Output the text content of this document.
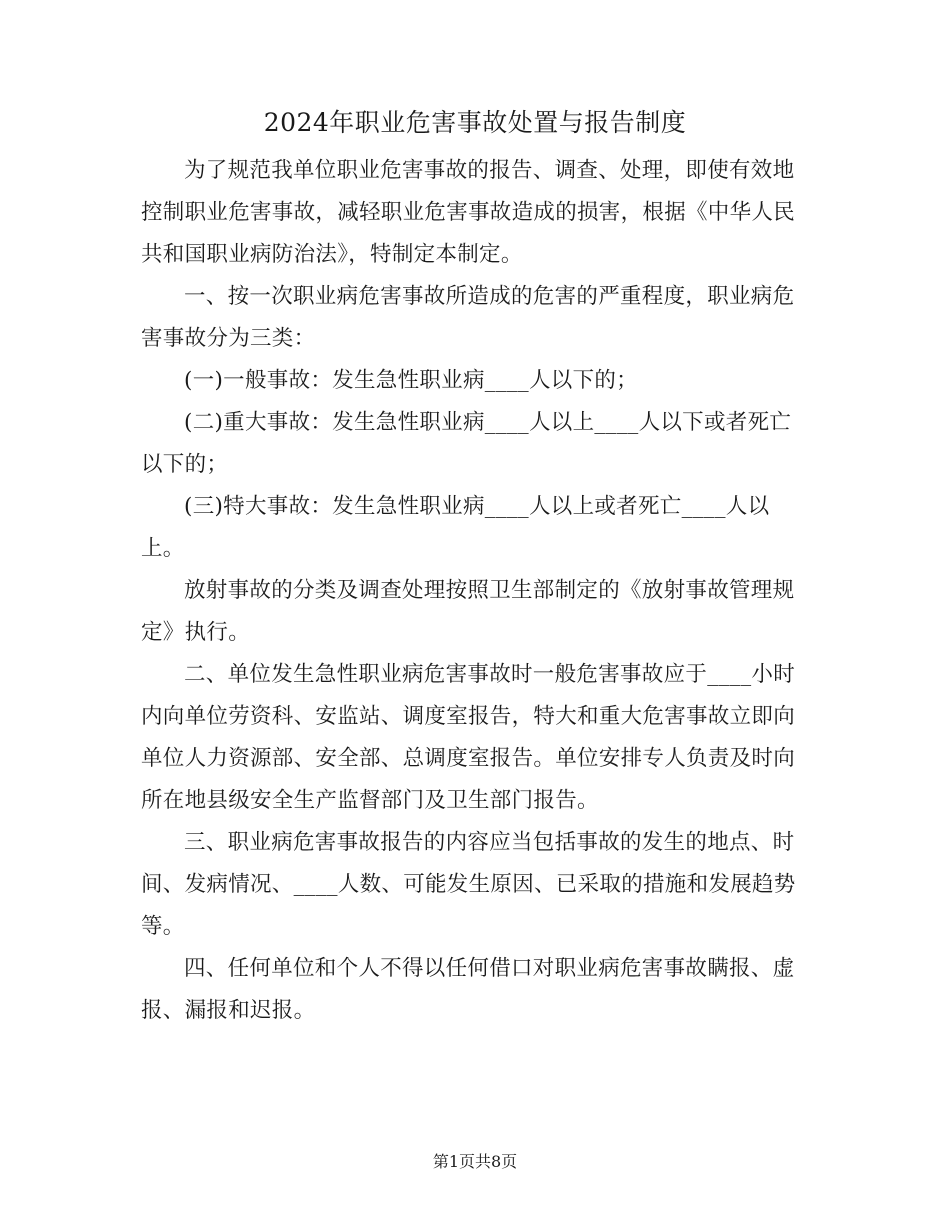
2024年职业危害事故处置与报告制度

为了规范我单位职业危害事故的报告、调查、处理，即使有效地控制职业危害事故，减轻职业危害事故造成的损害，根据《中华人民共和国职业病防治法》，特制定本制定。

一、按一次职业病危害事故所造成的危害的严重程度，职业病危害事故分为三类：

(一)一般事故：发生急性职业病____人以下的；

(二)重大事故：发生急性职业病____人以上____人以下或者死亡以下的；

(三)特大事故：发生急性职业病____人以上或者死亡____人以上。

放射事故的分类及调查处理按照卫生部制定的《放射事故管理规定》执行。

二、单位发生急性职业病危害事故时一般危害事故应于____小时内向单位劳资科、安监站、调度室报告，特大和重大危害事故立即向单位人力资源部、安全部、总调度室报告。单位安排专人负责及时向所在地县级安全生产监督部门及卫生部门报告。

三、职业病危害事故报告的内容应当包括事故的发生的地点、时间、发病情况、____人数、可能发生原因、已采取的措施和发展趋势等。

四、任何单位和个人不得以任何借口对职业病危害事故瞒报、虚报、漏报和迟报。

第1页共8页
